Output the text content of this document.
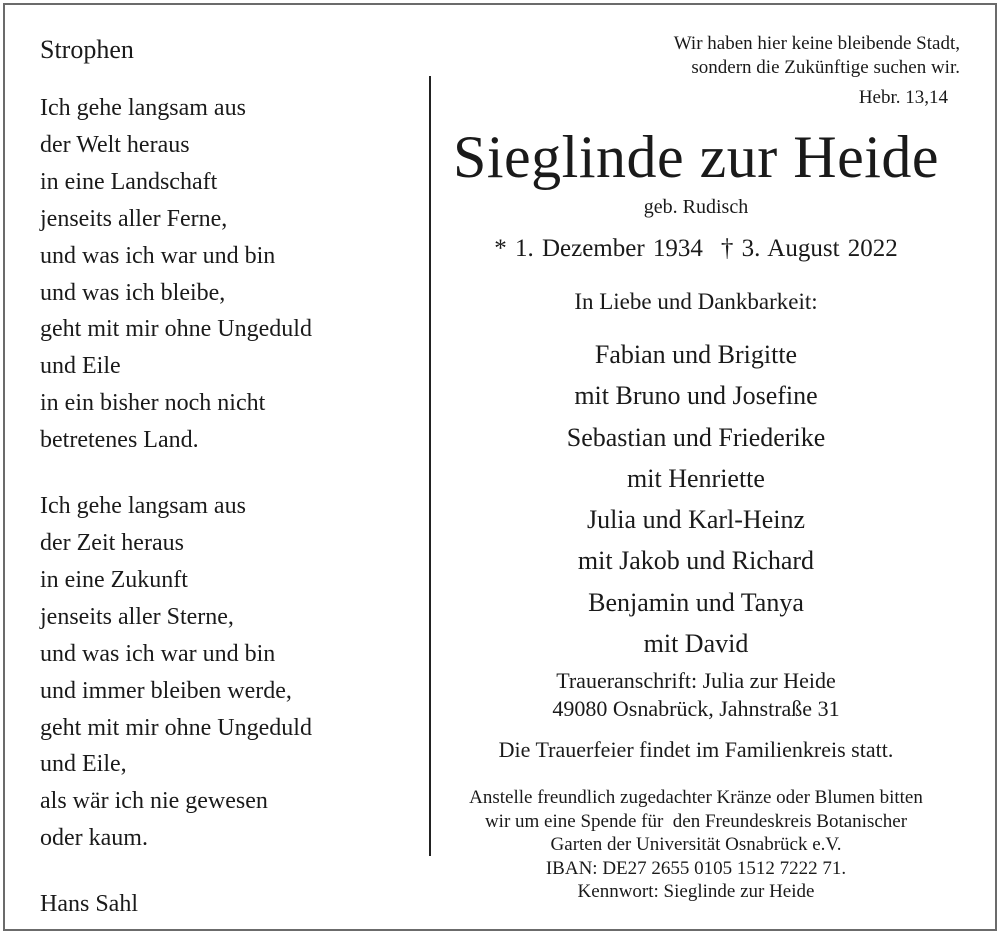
Strophen
Ich gehe langsam aus
der Welt heraus
in eine Landschaft
jenseits aller Ferne,
und was ich war und bin
und was ich bleibe,
geht mit mir ohne Ungeduld
und Eile
in ein bisher noch nicht
betretenes Land.
Ich gehe langsam aus
der Zeit heraus
in eine Zukunft
jenseits aller Sterne,
und was ich war und bin
und immer bleiben werde,
geht mit mir ohne Ungeduld
und Eile,
als wär ich nie gewesen
oder kaum.
Hans Sahl
Wir haben hier keine bleibende Stadt,
sondern die Zukünftige suchen wir.
Hebr. 13,14
Sieglinde zur Heide
geb. Rudisch
* 1. Dezember 1934 † 3. August 2022
In Liebe und Dankbarkeit:
Fabian und Brigitte
mit Bruno und Josefine
Sebastian und Friederike
mit Henriette
Julia und Karl-Heinz
mit Jakob und Richard
Benjamin und Tanya
mit David
Traueranschrift: Julia zur Heide
49080 Osnabrück, Jahnstraße 31
Die Trauerfeier findet im Familienkreis statt.
Anstelle freundlich zugedachter Kränze oder Blumen bitten
wir um eine Spende für  den Freundeskreis Botanischer
Garten der Universität Osnabrück e.V.
IBAN: DE27 2655 0105 1512 7222 71.
Kennwort: Sieglinde zur Heide
